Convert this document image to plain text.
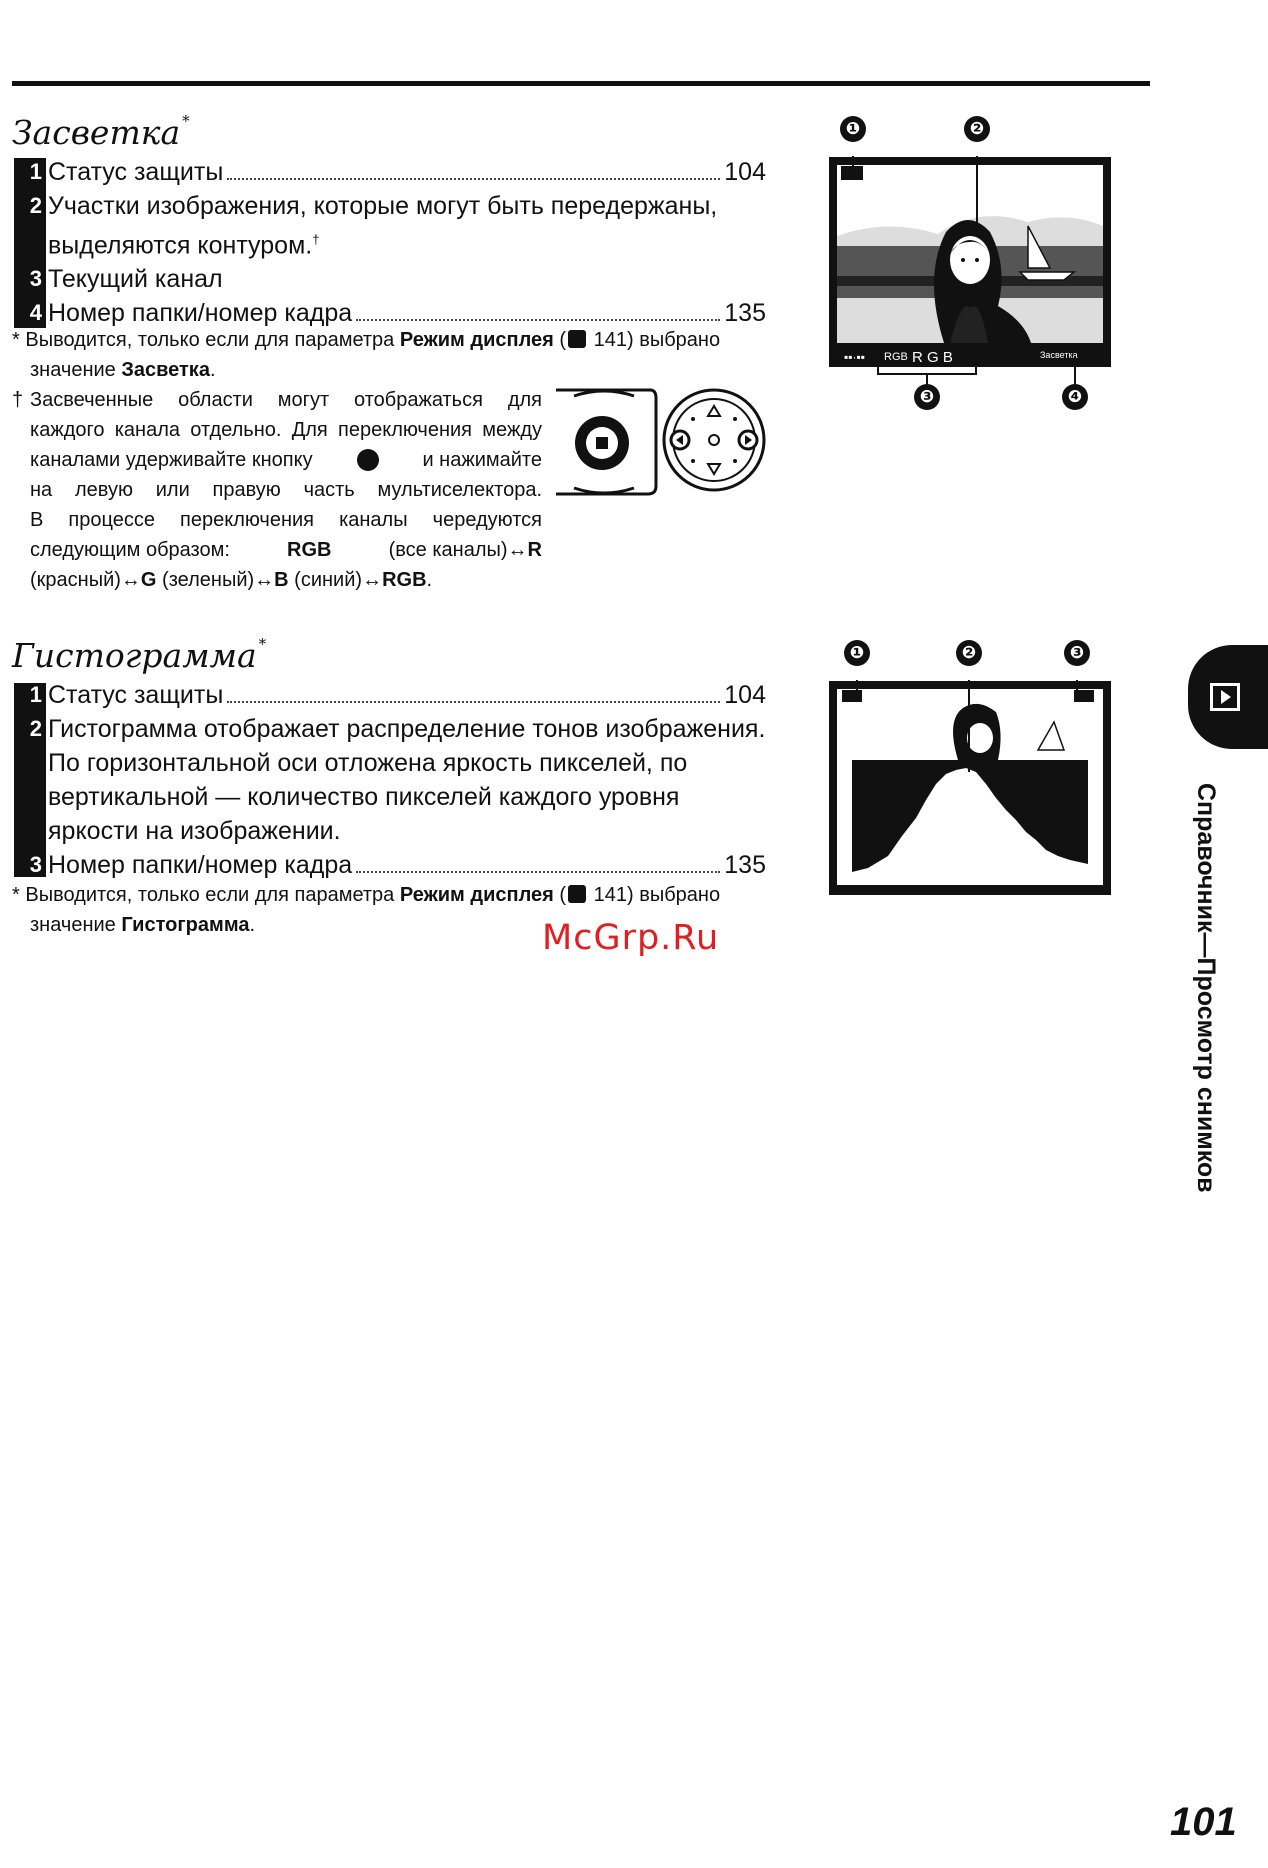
Засветка *
1 Статус защиты	104
2 Участки изображения, которые могут быть передержаны,
выделяются контуром.†
3 Текущий канал
4 Номер папки/номер кадра	135
* Выводится, только если для параметра Режим дисплея ( 141) выбрано
значение Засветка.
† Засвеченные области могут отображаться для
каждого канала отдельно. Для переключения между
каналами удерживайте кнопку	и нажимайте
на левую или правую часть мультиселектора.
В процессе переключения каналы чередуются
следующим образом:	RGB	(все каналы)↔R
(красный)↔G (зеленый)↔B (синий)↔RGB.
❶	❷
❸	❹
▪▪·▪▪ RGB R G B	Засветка
Гистограмма *
1 Статус защиты	104
2 Гистограмма отображает распределение тонов изображения.
По горизонтальной оси отложена яркость пикселей, по
вертикальной — количество пикселей каждого уровня
яркости на изображении.
3 Номер папки/номер кадра	135
* Выводится, только если для параметра Режим дисплея ( 141) выбрано
значение Гистограмма.
❶	❷	❸
Справочник—Просмотр снимков
McGrp.Ru
101
